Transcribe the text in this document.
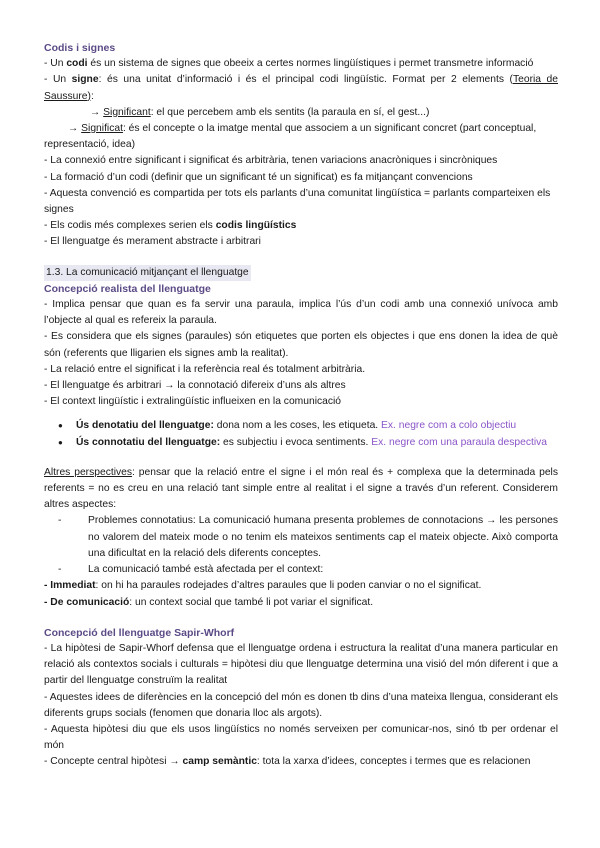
Codis i signes

- Un codi és un sistema de signes que obeeix a certes normes lingüístiques i permet transmetre informació

- Un signe: és una unitat d’informació i és el principal codi lingüístic. Format per 2 elements (Teoria de Saussure):

→ Significant: el que percebem amb els sentits (la paraula en sí, el gest...)

→ Significat: és el concepte o la imatge mental que associem a un significant concret (part conceptual, representació, idea)

- La connexió entre significant i significat és arbitrària, tenen variacions anacròniques i sincròniques

- La formació d’un codi (definir que un significant té un significat) es fa mitjançant convencions

- Aquesta convenció es compartida per tots els parlants d’una comunitat lingüística = parlants comparteixen els signes

- Els codis més complexes serien els codis lingüístics

- El llenguatge és merament abstracte i arbitrari

1.3. La comunicació mitjançant el llenguatge

Concepció realista del llenguatge

- Implica pensar que quan es fa servir una paraula, implica l’ús d’un codi amb una connexió unívoca amb l’objecte al qual es refereix la paraula.

- Es considera que els signes (paraules) són etiquetes que porten els objectes i que ens donen la idea de què són (referents que lligarien els signes amb la realitat).

- La relació entre el significat i la referència real és totalment arbitrària.

- El llenguatge és arbitrari → la connotació difereix d’uns als altres

- El context lingüístic i extralingüístic influeixen en la comunicació

● Ús denotatiu del llenguatge: dona nom a les coses, les etiqueta. Ex. negre com a colo objectiu
● Ús connotatiu del llenguatge: es subjectiu i evoca sentiments. Ex. negre com una paraula despectiva

Altres perspectives: pensar que la relació entre el signe i el món real és + complexa que la determinada pels referents = no es creu en una relació tant simple entre al realitat i el signe a través d’un referent. Considerem altres aspectes:

- Problemes connotatius: La comunicació humana presenta problemes de connotacions → les persones no valorem del mateix mode o no tenim els mateixos sentiments cap el mateix objecte. Això comporta una dificultat en la relació dels diferents conceptes.
- La comunicació també està afectada per el context:

- Immediat: on hi ha paraules rodejades d’altres paraules que li poden canviar o no el significat.

- De comunicació: un context social que també li pot variar el significat.

Concepció del llenguatge Sapir-Whorf

- La hipòtesi de Sapir-Whorf defensa que el llenguatge ordena i estructura la realitat d’una manera particular en relació als contextos socials i culturals = hipòtesi diu que llenguatge determina una visió del món diferent i que a partir del llenguatge construïm la realitat

- Aquestes idees de diferències en la concepció del món es donen tb dins d’una mateixa llengua, considerant els diferents grups socials (fenomen que donaria lloc als argots).

- Aquesta hipòtesi diu que els usos lingüístics no només serveixen per comunicar-nos, sinó tb per ordenar el món

- Concepte central hipòtesi → camp semàntic: tota la xarxa d’idees, conceptes i termes que es relacionen
